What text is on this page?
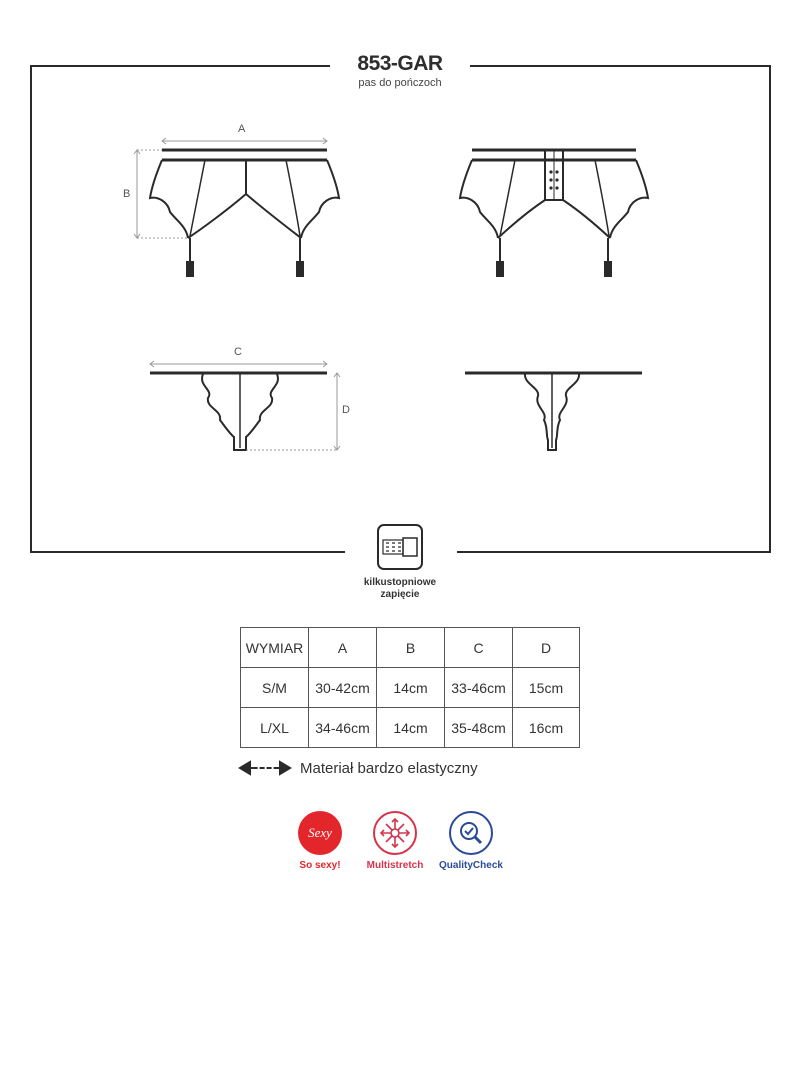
A
B
C
D
853-GAR
pas do pończoch
kilkustopniowe
zapięcie
WYMIAR	A	B	C	D
S/M	30-42cm	14cm	33-46cm	15cm
L/XL	34-46cm	14cm	35-48cm	16cm
Materiał bardzo elastyczny
Sexy
So sexy!	Multistretch	QualityCheck
